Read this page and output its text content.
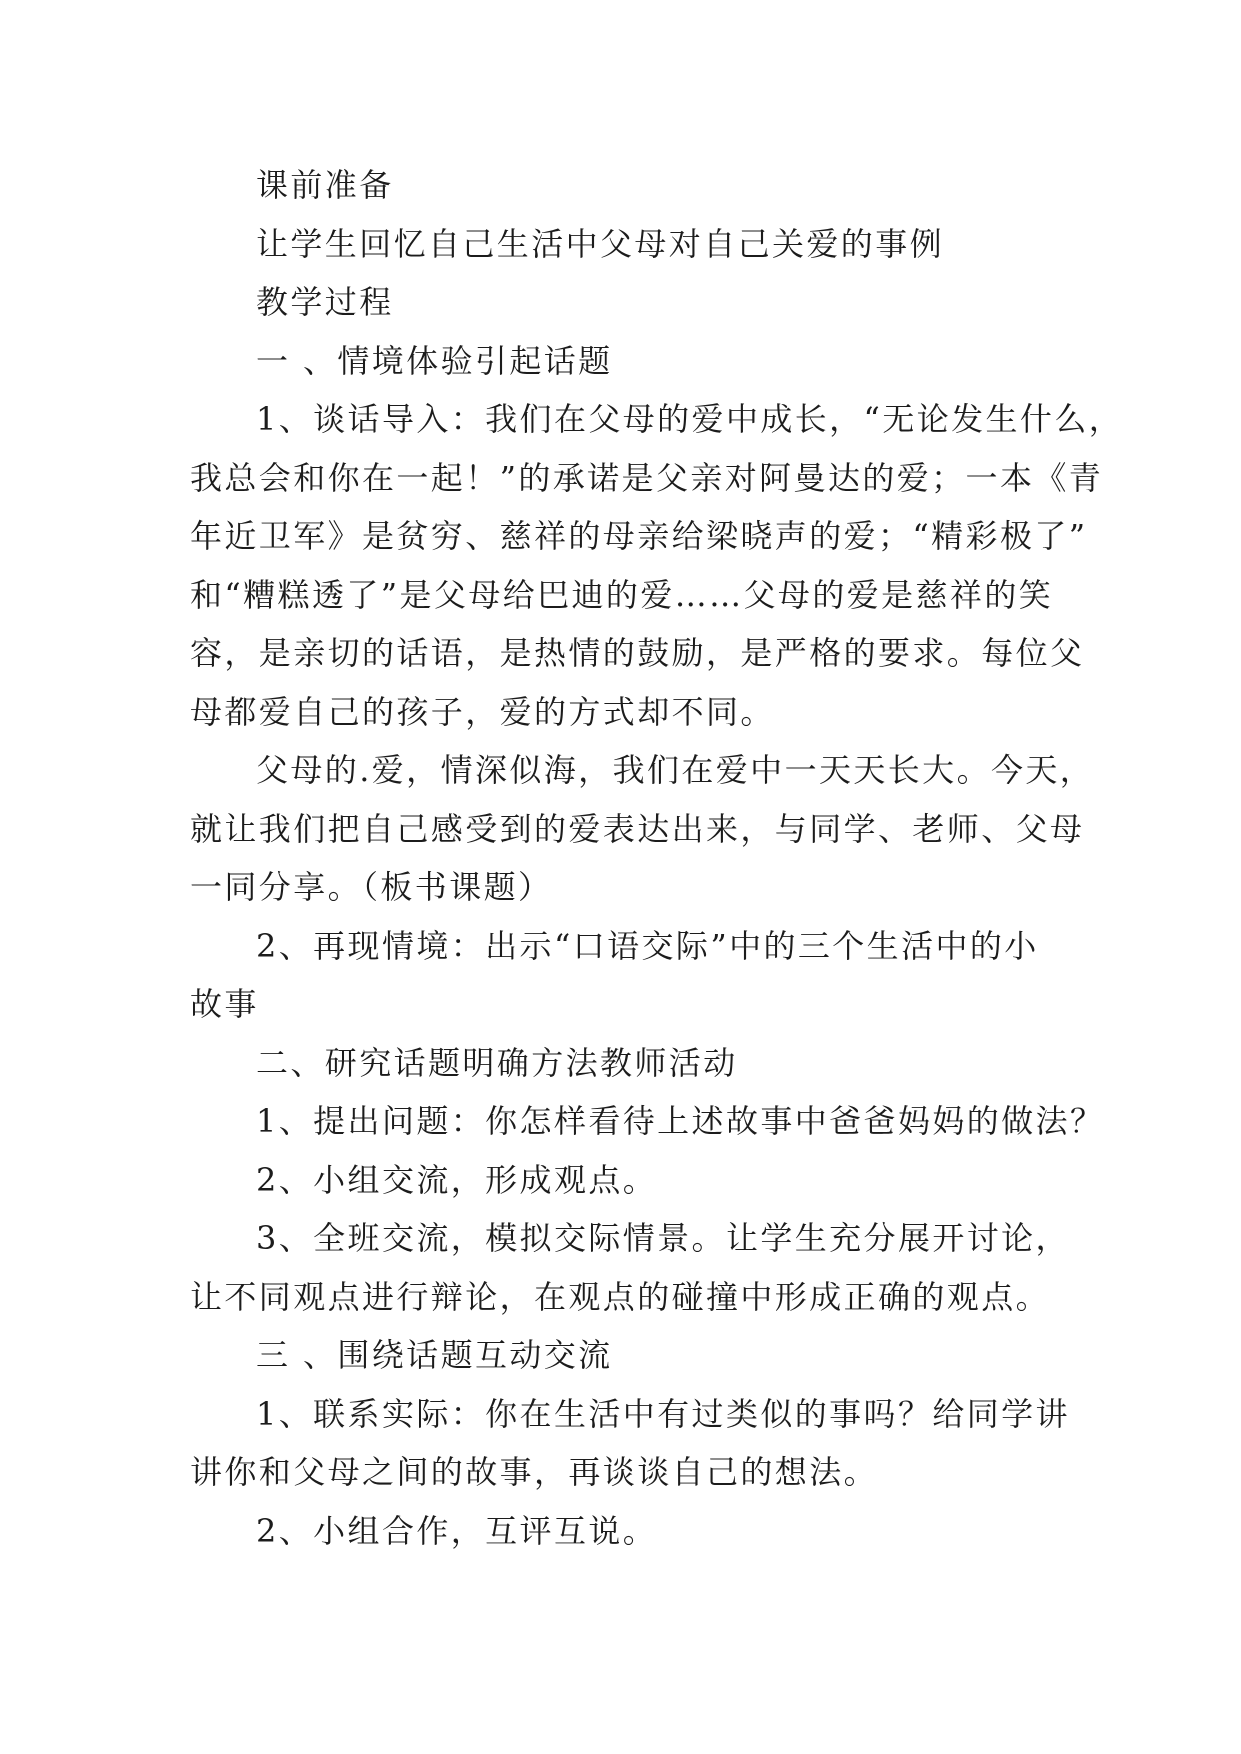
课前准备

让学生回忆自己生活中父母对自己关爱的事例

教学过程

一 、情境体验引起话题

1、谈话导入：我们在父母的爱中成长，“无论发生什么，
我总会和你在一起！”的承诺是父亲对阿曼达的爱；一本《青
年近卫军》是贫穷、慈祥的母亲给梁晓声的爱；“精彩极了”
和“糟糕透了”是父母给巴迪的爱……父母的爱是慈祥的笑
容，是亲切的话语，是热情的鼓励，是严格的要求。每位父
母都爱自己的孩子，爱的方式却不同。

父母的.爱，情深似海，我们在爱中一天天长大。今天，
就让我们把自己感受到的爱表达出来，与同学、老师、父母
一同分享。（板书课题）

2、再现情境：出示“口语交际”中的三个生活中的小
故事

二、研究话题明确方法教师活动

1、提出问题：你怎样看待上述故事中爸爸妈妈的做法？

2、小组交流，形成观点。

3、全班交流，模拟交际情景。让学生充分展开讨论，
让不同观点进行辩论，在观点的碰撞中形成正确的观点。

三 、围绕话题互动交流

1、联系实际：你在生活中有过类似的事吗？给同学讲
讲你和父母之间的故事，再谈谈自己的想法。

2、小组合作，互评互说。
